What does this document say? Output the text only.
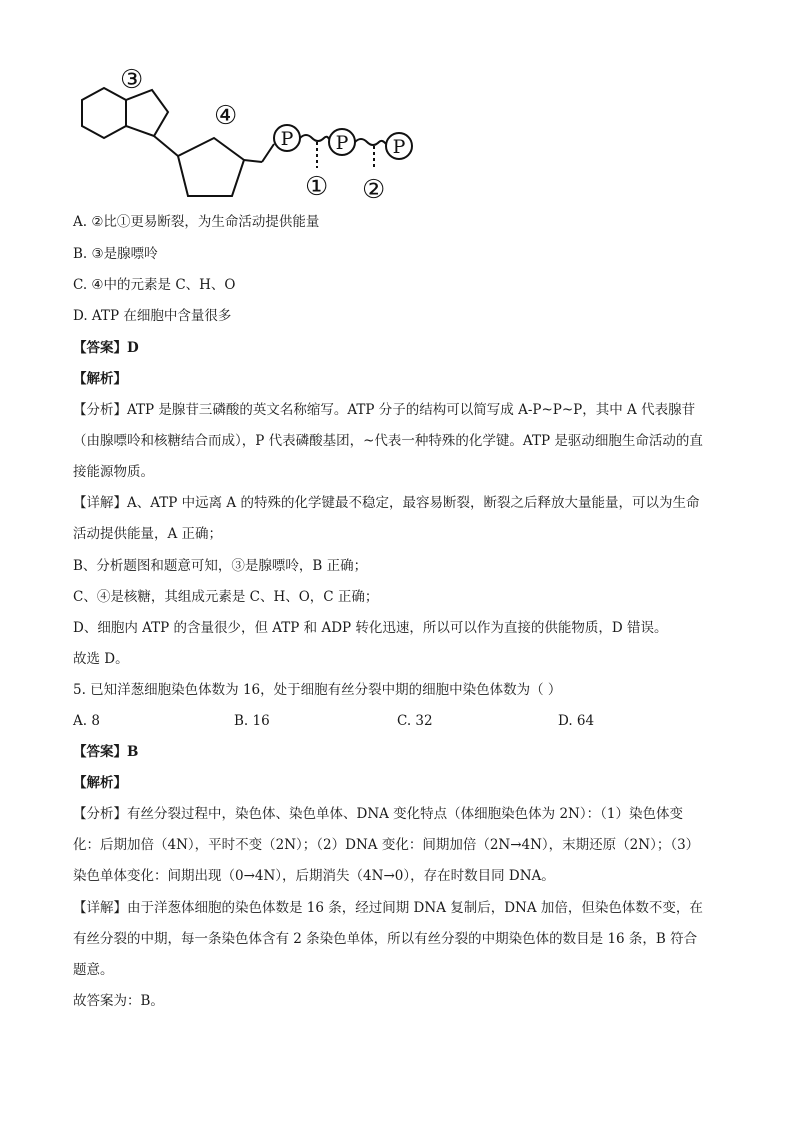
③
④
① ②
P P P
A. ②比①更易断裂，为生命活动提供能量
B. ③是腺嘌呤
C. ④中的元素是 C、H、O
D. ATP 在细胞中含量很多
【答案】D
【解析】
【分析】ATP 是腺苷三磷酸的英文名称缩写。ATP 分子的结构可以简写成 A-P~P~P，其中 A 代表腺苷
（由腺嘌呤和核糖结合而成），P 代表磷酸基团，~代表一种特殊的化学键。ATP 是驱动细胞生命活动的直
接能源物质。
【详解】A、ATP 中远离 A 的特殊的化学键最不稳定，最容易断裂，断裂之后释放大量能量，可以为生命
活动提供能量，A 正确；
B、分析题图和题意可知，③是腺嘌呤，B 正确；
C、④是核糖，其组成元素是 C、H、O，C 正确；
D、细胞内 ATP 的含量很少，但 ATP 和 ADP 转化迅速，所以可以作为直接的供能物质，D 错误。
故选 D。
5. 已知洋葱细胞染色体数为 16，处于细胞有丝分裂中期的细胞中染色体数为（ ）
A. 8	B. 16	C. 32	D. 64
【答案】B
【解析】
【分析】有丝分裂过程中，染色体、染色单体、DNA 变化特点（体细胞染色体为 2N）：（1）染色体变
化：后期加倍（4N），平时不变（2N）；（2）DNA 变化：间期加倍（2N→4N），末期还原（2N）；（3）
染色单体变化：间期出现（0→4N），后期消失（4N→0），存在时数目同 DNA。
【详解】由于洋葱体细胞的染色体数是 16 条，经过间期 DNA 复制后，DNA 加倍，但染色体数不变，在
有丝分裂的中期，每一条染色体含有 2 条染色单体，所以有丝分裂的中期染色体的数目是 16 条，B 符合
题意。
故答案为：B。
